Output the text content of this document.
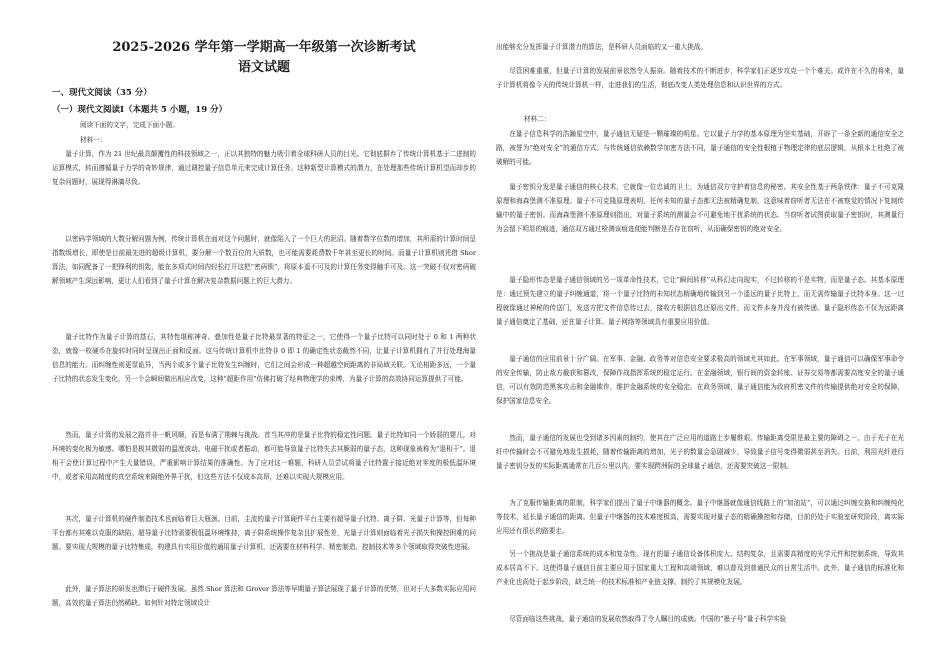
2025-2026 学年第一学期高一年级第一次诊断考试
语文试题
一、现代文阅读（35 分）
（一）现代文阅读Ⅰ（本题共 5 小题，19 分）
阅读下面的文字，完成下面小题。
材料一：

量子计算，作为 21 世纪最具颠覆性的科技领域之一，正以其独特的魅力吸引着全球科研人员的目光。它彻底摒弃了传统计算机基于二进制的运算模式，转而遵循量子力学的奇妙规律，通过调控量子信息单元来完成计算任务。这种新型计算模式的潜力，在处理那些传统计算机望而却步的复杂问题时，展现得淋漓尽致。

以密码学领域的大数分解问题为例，传统计算机在面对这个问题时，就像陷入了一个巨大的泥沼。随着数字位数的增加，其所需的计算时间呈指数级增长，即使是目前最先进的超级计算机，要分解一个数百位的大质数，也可能需要耗费数千年甚至更长的时间。而量子计算机则凭借 Shor 算法，如同配备了一把锋利的钥匙，能在多项式时间内轻松打开这把“密码锁”，将原本遥不可及的计算任务变得触手可及。这一突破不仅对密码破解领域产生深远影响，更让人们看到了量子计算在解决复杂数据问题上的巨大潜力。

量子比特作为量子计算的基石，其特性堪称神奇。叠加性是量子比特最显著的特征之一，它使得一个量子比特可以同时处于 0 和 1 两种状态，就像一枚硬币在旋转时同时呈现出正面和反面。这与传统计算机中比特非 0 即 1 的确定性状态截然不同，让量子计算机拥有了并行处理海量信息的能力。而纠缠性则更显诡异，当两个或多个量子比特发生纠缠时，它们之间会形成一种超越空间距离的非局域关联。无论相距多远，一个量子比特的状态发生变化，另一个会瞬间做出相应改变，这种“超距作用”仿佛打破了经典物理学的束缚，为量子计算的高效协同运算提供了可能。

然而，量子计算的发展之路并非一帆风顺，而是布满了荆棘与挑战。首当其冲的是量子比特的稳定性问题。量子比特如同一个娇弱的婴儿，对环境的变化极为敏感。哪怕是极其微弱的温度波动、电磁干扰或者振动，都可能导致量子比特失去其脆弱的量子态，这种现象被称为“退相干”。退相干会使计算过程中产生大量错误，严重影响计算结果的准确性。为了应对这一难题，科研人员尝试将量子比特置于接近绝对零度的极低温环境中，或者采用高精度的真空系统来隔绝外界干扰，但这些方法不仅成本高昂，还难以实现大规模应用。

其次，量子计算机的硬件制造技术也面临着巨大瓶颈。目前，主流的量子计算硬件平台主要有超导量子比特、离子阱、光量子计算等，但每种平台都有其难以克服的缺陷。超导量子比特需要极低温环境维持，离子阱系统操作复杂且扩展性差，光量子计算则面临着光子损失和操控困难的问题。要实现大规模的量子比特集成，构建具有实用价值的通用量子计算机，还需要在材料科学、精密制造、控制技术等多个领域取得突破性进展。

此外，量子算法的研发也滞后于硬件发展。虽然 Shor 算法和 Grover 算法等早期量子算法展现了量子计算的优势，但对于大多数实际应用问题，高效的量子算法仍然稀缺。如何针对特定领域设计

出能够充分发挥量子计算潜力的算法，是科研人员面临的又一重大挑战。

尽管困难重重，但量子计算的发展前景依然令人振奋。随着技术的不断进步，科学家们正逐步攻克一个个难关。或许在不久的将来，量子计算机将像今天的传统计算机一样，走进我们的生活，彻底改变人类处理信息和认识世界的方式。

材料二：

在量子信息科学的浩瀚星空中，量子通信无疑是一颗璀璨的明星。它以量子力学的基本原理为坚实基础，开辟了一条全新的通信安全之路，被誉为“绝对安全”的通信方式。与传统通信依赖数学加密方法不同，量子通信的安全性根植于物理定律的底层逻辑，从根本上杜绝了被破解的可能。

量子密钥分发是量子通信的核心技术，它就像一位忠诚的卫士，为通信双方守护着信息的秘密。其安全性基于两条铁律：量子不可克隆原理和海森堡测不准原理。量子不可克隆原理表明，任何未知的量子态都无法被精确复制，这意味着窃听者无法在不被察觉的情况下复制传输中的量子密钥。而海森堡测不准原理则指出，对量子系统的测量会不可避免地干扰系统的状态。当窃听者试图获取量子密钥时，其测量行为会留下明显的痕迹，通信双方通过检测该痕迹便能判断是否存在窃听，从而确保密钥的绝对安全。

量子隐形传态是量子通信领域的另一项革命性技术，它让“瞬间转移”从科幻走向现实，不过转移的不是实物，而是量子态。其基本原理是：通过预先建立的量子纠缠通道，将一个量子比特的未知状态精确地传输到另一个遥远的量子比特上，而无需传输量子比特本身。这一过程就像通过神秘的传送门，发送方把文件信息传过去，接收方根据信息还原出文件，而文件本身并没有被传递。量子隐形传态不仅为远距离量子通信奠定了基础，还在量子计算、量子网络等领域具有重要应用价值。

量子通信的应用前景十分广阔。在军事、金融、政务等对信息安全要求极高的领域尤其如此。在军事领域，量子通信可以确保军事命令的安全传输，防止敌方截获和篡改，保障作战指挥系统的稳定运行。在金融领域，银行间的资金转账、证券交易等都需要高度安全的量子通信，可以有效防范黑客攻击和金融欺诈，维护金融系统的安全稳定。在政务领域，量子通信能为政府机密文件的传输提供绝对安全的保障，保护国家信息安全。

然而，量子通信的发展也受到诸多因素的制约，使其在广泛应用的道路上步履维艰。传输距离受限是最主要的障碍之一。由于光子在光纤中传输时会不可避免地发生损耗，随着传输距离的增加，光子的数量会急剧减少，导致量子信号变得微弱甚至消失。目前，利用光纤进行量子密钥分发的实际距离通常在几百公里以内，要实现跨洲际的全球量子通信，还需要突破这一限制。

为了克服传输距离的限制，科学家们提出了量子中继器的概念。量子中继器就像通信线路上的“加油站”，可以通过纠缠交换和纠缠纯化等技术，延长量子通信的距离。但量子中继器的技术难度极高，需要实现对量子态的精确操控和存储，目前仍处于实验室研究阶段，离实际应用还有很长的路要走。

另一个挑战是量子通信系统的成本和复杂性。现有的量子通信设备体积庞大、结构复杂，且需要高精度的光学元件和控制系统，导致其成本居高不下。这使得量子通信目前主要应用于国家重大工程和高端领域，难以普及到普通民众的日常生活中。此外，量子通信的标准化和产业化也尚处于起步阶段，缺乏统一的技术标准和产业链支撑，制约了其规模化发展。

尽管面临这些挑战，量子通信的发展依然取得了令人瞩目的成就。中国的“墨子号”量子科学实验
